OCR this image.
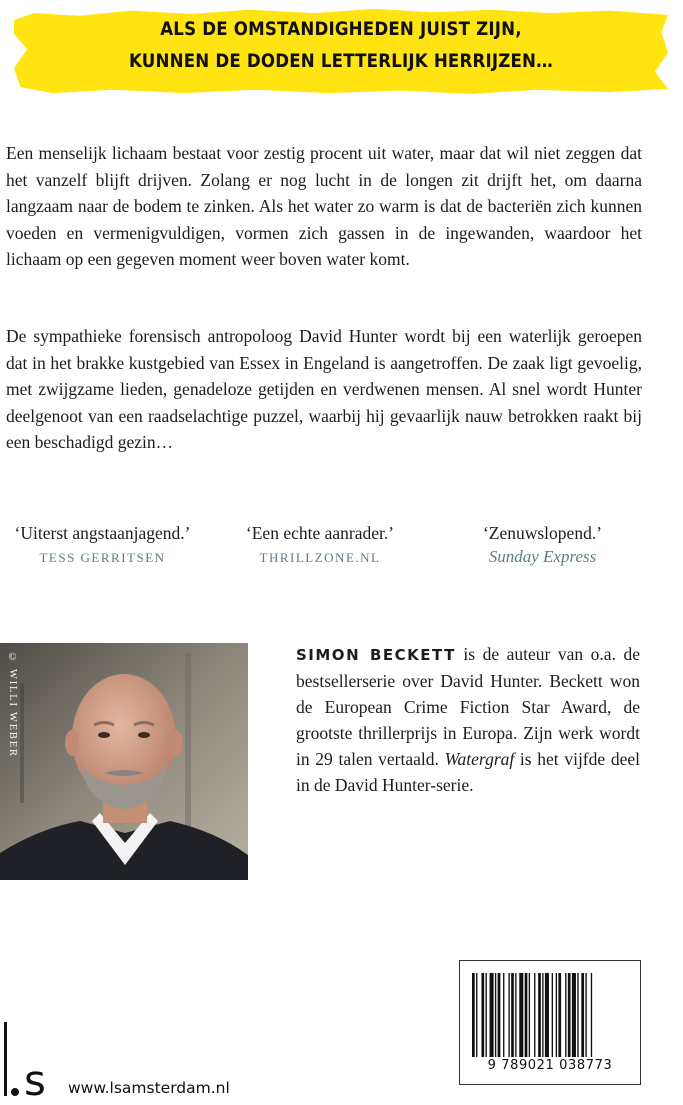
ALS DE OMSTANDIGHEDEN JUIST ZIJN,
KUNNEN DE DODEN LETTERLIJK HERRIJZEN…

Een menselijk lichaam bestaat voor zestig procent uit water, maar dat wil niet zeggen dat het vanzelf blijft drijven. Zolang er nog lucht in de longen zit drijft het, om daarna langzaam naar de bodem te zinken. Als het water zo warm is dat de bacteriën zich kunnen voeden en vermenigvuldigen, vormen zich gassen in de ingewanden, waardoor het lichaam op een gegeven moment weer boven water komt.

De sympathieke forensisch antropoloog David Hunter wordt bij een waterlijk geroepen dat in het brakke kustgebied van Essex in Engeland is aangetroffen. De zaak ligt gevoelig, met zwijgzame lieden, genadeloze getijden en verdwenen mensen. Al snel wordt Hunter deelgenoot van een raadselachtige puzzel, waarbij hij gevaarlijk nauw betrokken raakt bij een beschadigd gezin…

‘Uiterst angstaanjagend.’
TESS GERRITSEN
‘Een echte aanrader.’
THRILLZONE.NL
‘Zenuwslopend.’
Sunday Express
© WILLI WEBER	SIMON BECKETT is de auteur van o.a. de bestsellerserie over David Hunter. Beckett won de European Crime Fiction Star Award, de grootste thrillerprijs in Europa. Zijn werk wordt in 29 talen vertaald. Watergraf is het vijfde deel in de David Hunter-serie.

9 789021 038773
s www.lsamsterdam.nl
